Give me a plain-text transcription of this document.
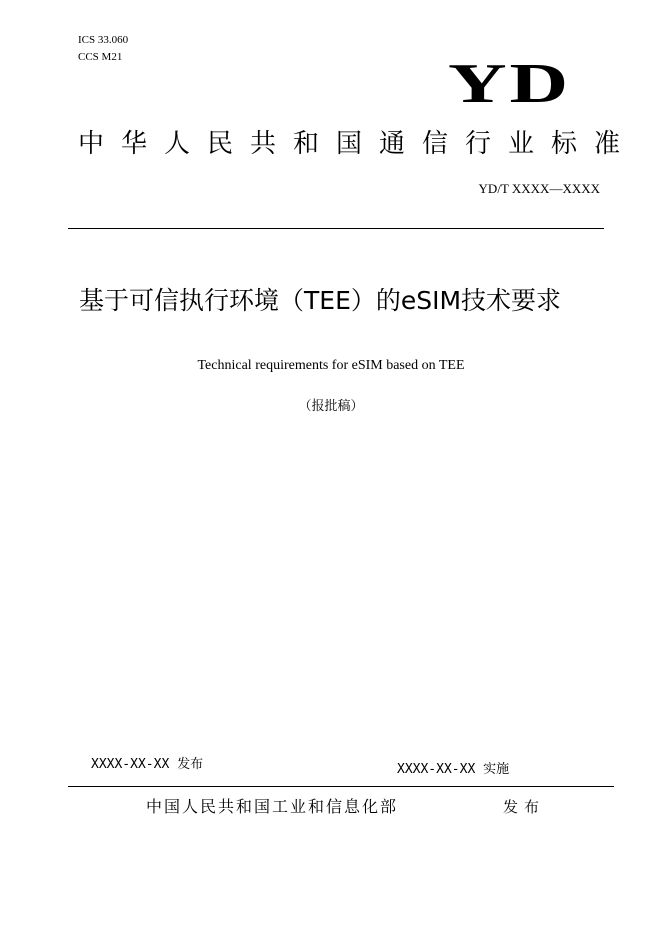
ICS 33.060
CCS M21	YD
中华人民共和国通信行业标准
YD/T XXXX—XXXX
基于可信执行环境（TEE）的eSIM技术要求
Technical requirements for eSIM based on TEE
（报批稿）
XXXX-XX-XX 发布	XXXX-XX-XX 实施
中国人民共和国工业和信息化部	发布
